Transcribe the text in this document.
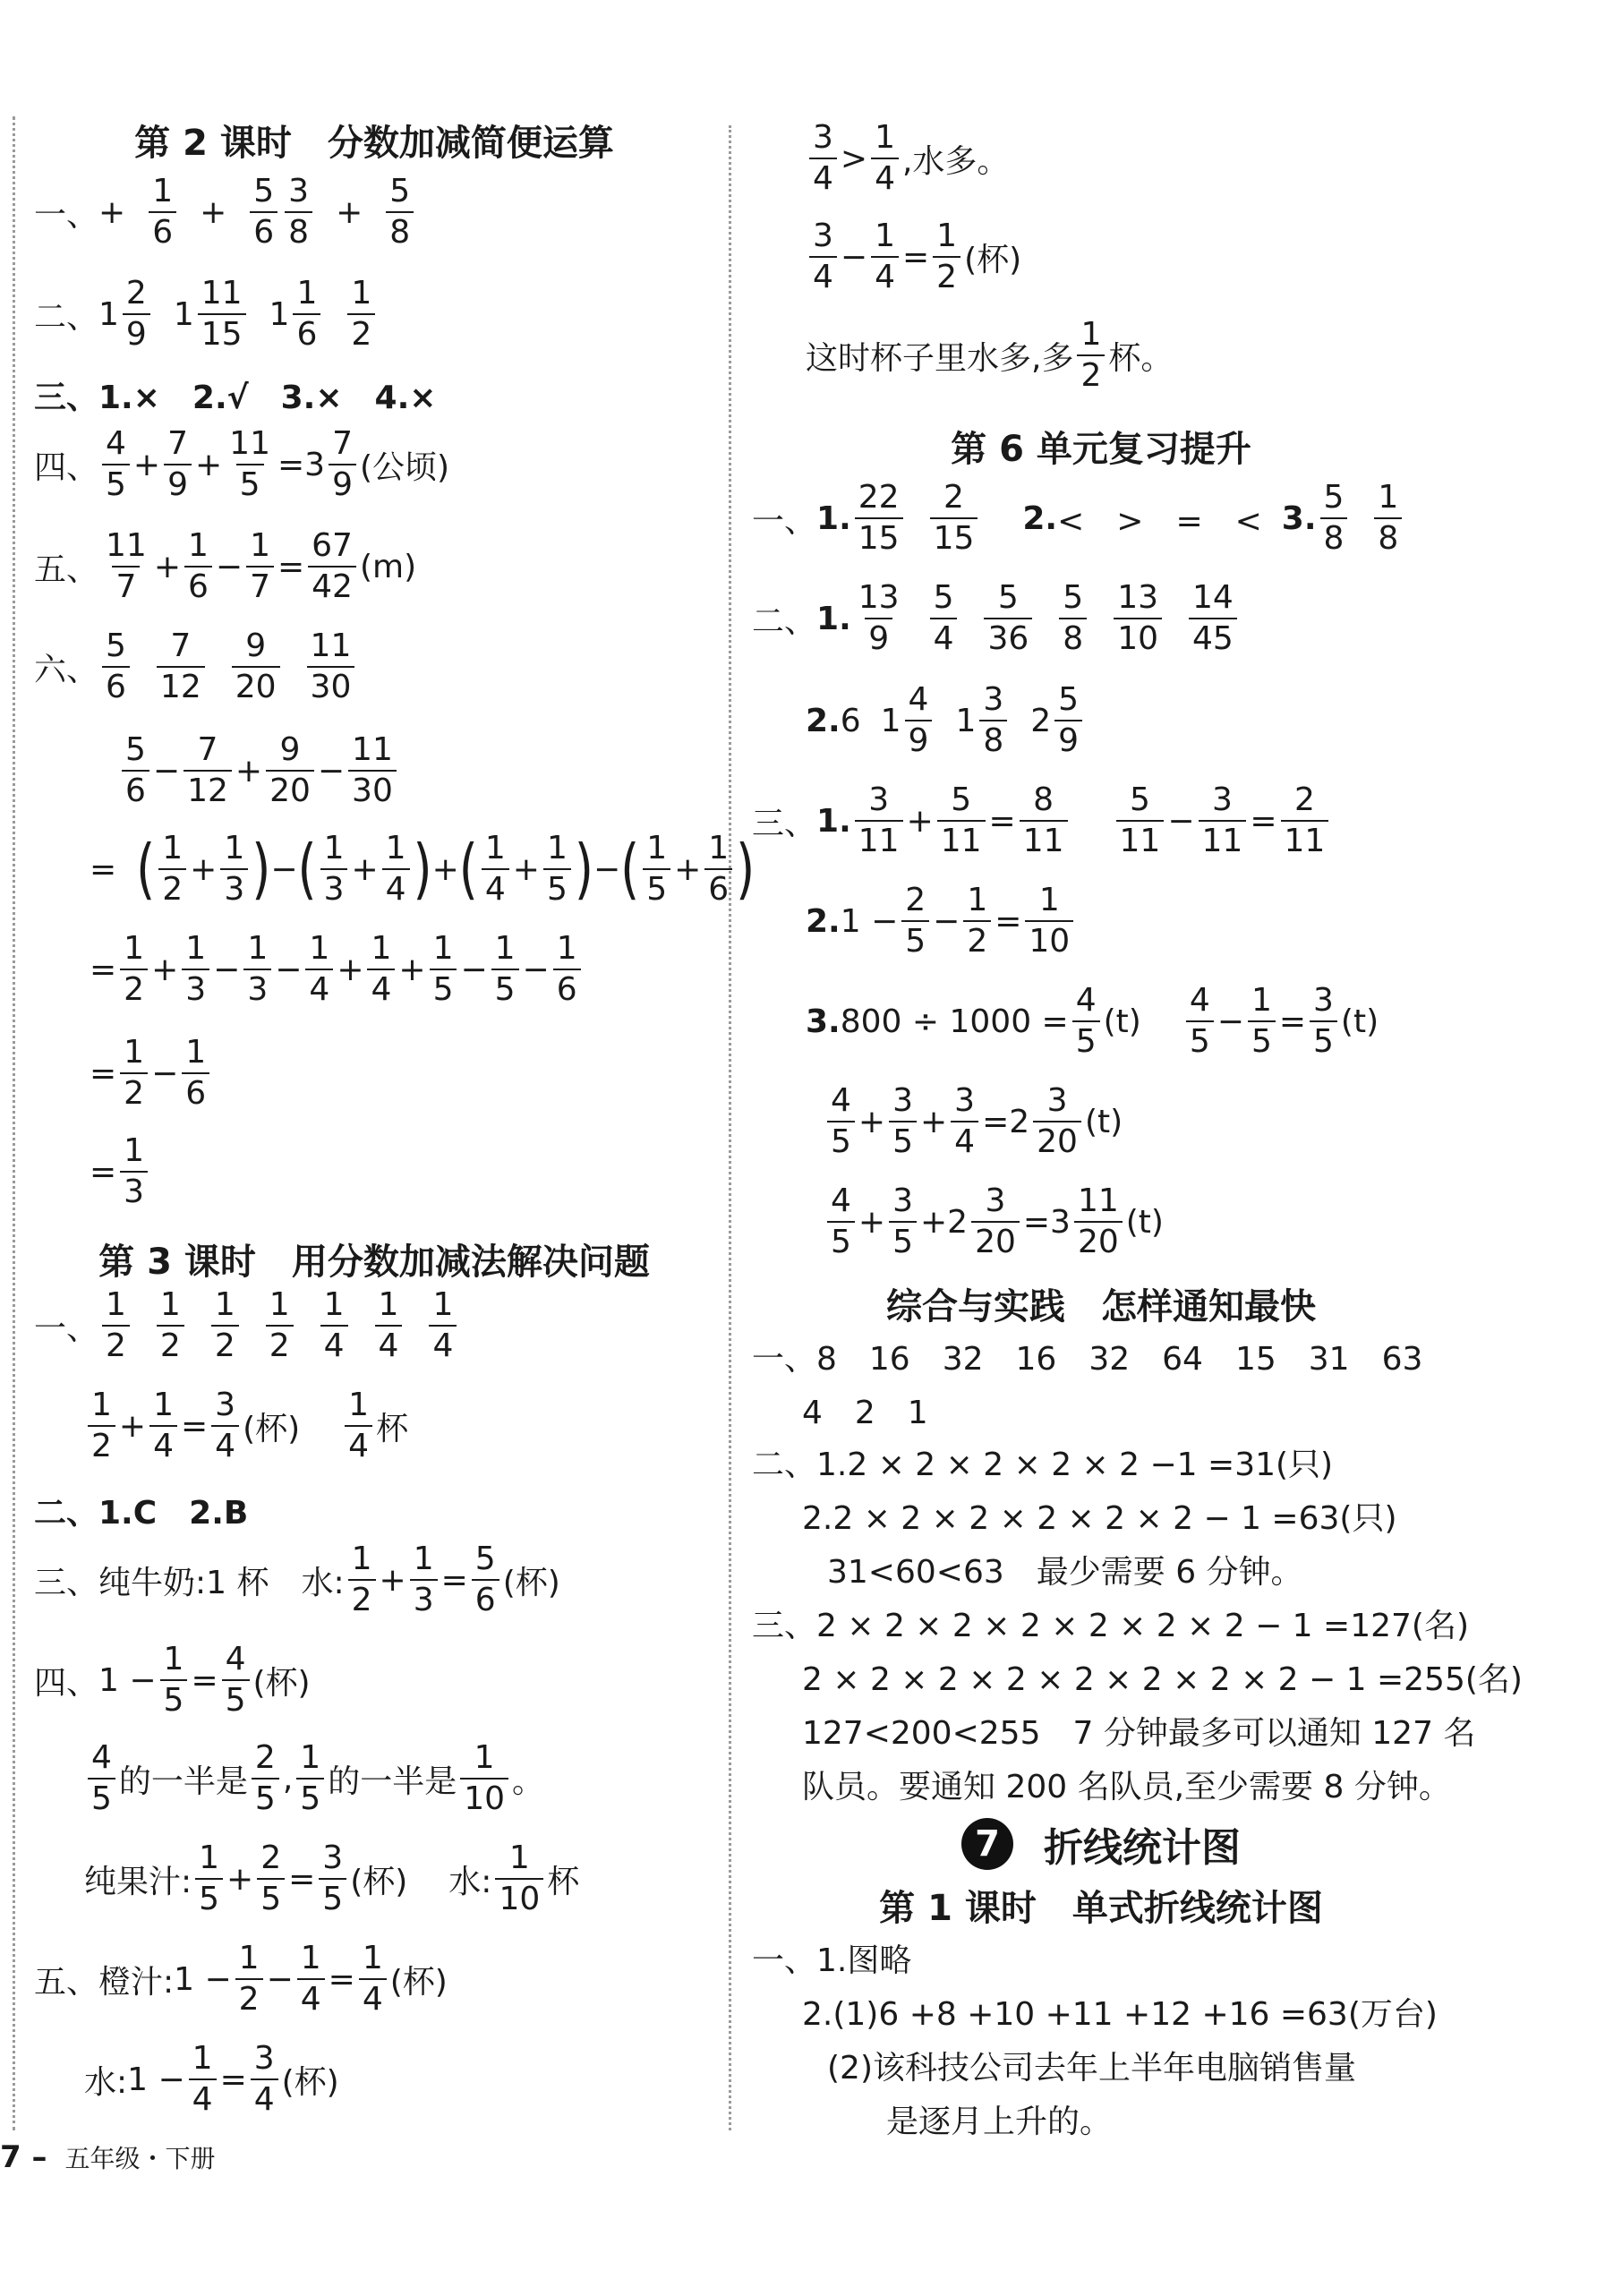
第 2 课时　分数加减简便运算
一、 + $\frac{1}{6} + \frac{5}{6} \frac{3}{8} + \frac{5}{8}$
二、 $1 \frac{2}{9} 1 \frac{11}{15} 1 \frac{1}{6} \frac{1}{2}$
三、1.×　2.√　3.×　4.×
四、 $\frac{4}{5} + \frac{7}{9} + \frac{11}{5} =3 \frac{7}{9}$ (公顷)
五、 $\frac{11}{7} + \frac{1}{6} - \frac{1}{7} = \frac{67}{42} (m)$
六、 $\frac{5}{6} \frac{7}{12} \frac{9}{20} \frac{11}{30}$
$\frac{5}{6} - \frac{7}{12} + \frac{9}{20} - \frac{11}{30}$
= ( $\frac{1}{2} + \frac{1}{3}$ ) − ( $\frac{1}{3} + \frac{1}{4}$ ) + ( $\frac{1}{4} + \frac{1}{5}$ ) − ( $\frac{1}{5} + \frac{1}{6}$ )
= $\frac{1}{2} + \frac{1}{3} - \frac{1}{3} - \frac{1}{4} + \frac{1}{4} + \frac{1}{5} - \frac{1}{5} - \frac{1}{6}$
= $\frac{1}{2} - \frac{1}{6}$
= $\frac{1}{3}$
第 3 课时　用分数加减法解决问题
一、 $\frac{1}{2} \frac{1}{2} \frac{1}{2} \frac{1}{2} \frac{1}{4} \frac{1}{4} \frac{1}{4}$
$\frac{1}{2} + \frac{1}{4} = \frac{3}{4}$ (杯) $\frac{1}{4}$ 杯
二、1.C　2.B
三、 纯牛奶:1 杯　水: $\frac{1}{2} + \frac{1}{3} = \frac{5}{6}$ (杯)
四、 $1 - \frac{1}{5} = \frac{4}{5}$ (杯)
$\frac{4}{5}$ 的一半是 $\frac{2}{5}$ , $\frac{1}{5}$ 的一半是 $\frac{1}{10}$ 。
纯果汁: $\frac{1}{5} + \frac{2}{5} = \frac{3}{5}$ (杯) 水: $\frac{1}{10}$ 杯
五、 橙汁: $1 - \frac{1}{2} - \frac{1}{4} = \frac{1}{4}$ (杯)
水: $1 - \frac{1}{4} = \frac{3}{4}$ (杯)
$\frac{3}{4} > \frac{1}{4}$ ,水多。
$\frac{3}{4} - \frac{1}{4} = \frac{1}{2}$ (杯)
这时杯子里水多,多 $\frac{1}{2}$ 杯。
第 6 单元复习提升
一、 1. $\frac{22}{15} \frac{2}{15} 2$. <　>　=　< 3. $\frac{5}{8} \frac{1}{8}$
二、 1. $\frac{13}{9} \frac{5}{4} \frac{5}{36} \frac{5}{8} \frac{13}{10} \frac{14}{45}$
2. 6 $1 \frac{4}{9} 1 \frac{3}{8} 2 \frac{5}{9}$
三、 1. $\frac{3}{11} + \frac{5}{11} = \frac{8}{11} \frac{5}{11} - \frac{3}{11} = \frac{2}{11}$
2. $1 - \frac{2}{5} - \frac{1}{2} = \frac{1}{10}$
3. $800 \div 1000 = \frac{4}{5} (t) \frac{4}{5} - \frac{1}{5} = \frac{3}{5} (t)$
$\frac{4}{5} + \frac{3}{5} + \frac{3}{4} =2 \frac{3}{20} (t)$
$\frac{4}{5} + \frac{3}{5} +2 \frac{3}{20} =3 \frac{11}{20} (t)$
综合与实践　怎样通知最快
一、8　16　32　16　32　64　15　31　63
4　2　1
二、1.2 × 2 × 2 × 2 × 2 −1 =31(只)
2.2 × 2 × 2 × 2 × 2 × 2 − 1 =63(只)
31<60<63　最少需要 6 分钟。
三、2 × 2 × 2 × 2 × 2 × 2 × 2 − 1 =127(名)
2 × 2 × 2 × 2 × 2 × 2 × 2 × 2 − 1 =255(名)
127<200<255　7 分钟最多可以通知 127 名
队员。要通知 200 名队员,至少需要 8 分钟。
7	折线统计图
第 1 课时　单式折线统计图
一、1.图略
2.(1)6 +8 +10 +11 +12 +16 =63(万台)
(2)该科技公司去年上半年电脑销售量
是逐月上升的。
7 – 五年级・下册
